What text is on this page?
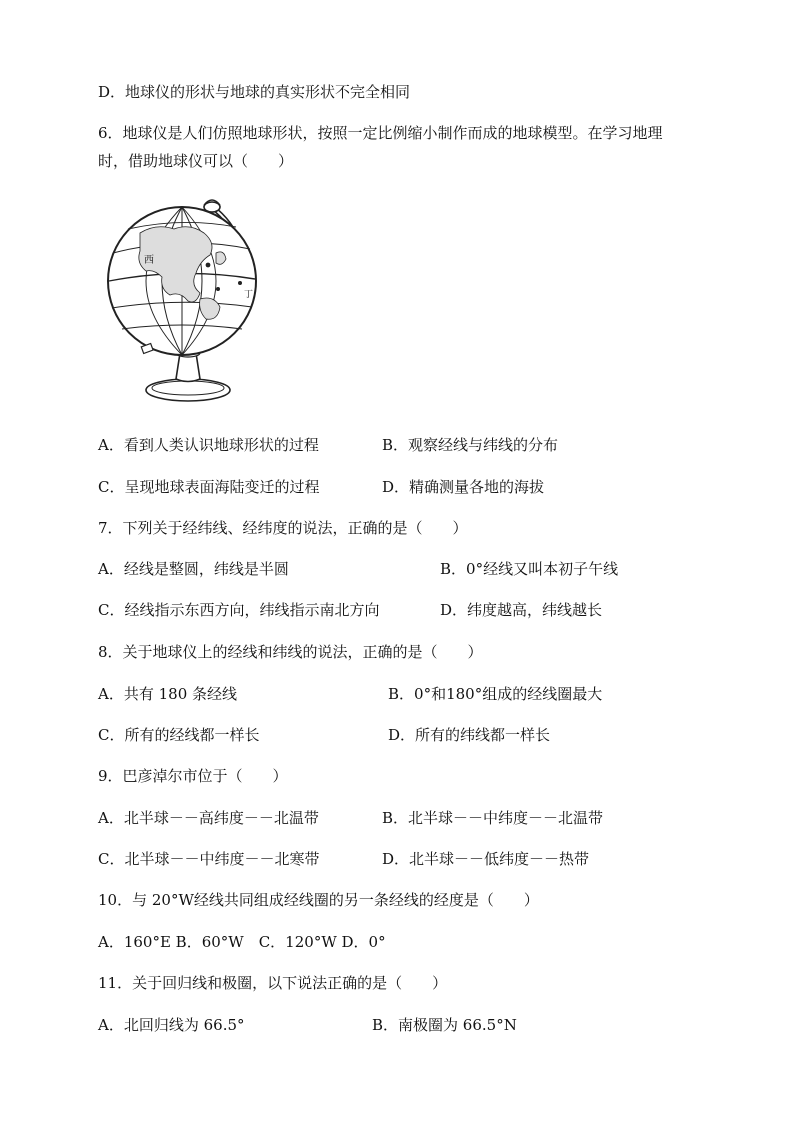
D．地球仪的形状与地球的真实形状不完全相同
6．地球仪是人们仿照地球形状，按照一定比例缩小制作而成的地球模型。在学习地理
时，借助地球仪可以（　　）
西
丁
A．看到人类认识地球形状的过程	B．观察经线与纬线的分布
C．呈现地球表面海陆变迁的过程	D．精确测量各地的海拔
7．下列关于经纬线、经纬度的说法，正确的是（　　）
A．经线是整圆，纬线是半圆	B．0°经线又叫本初子午线
C．经线指示东西方向，纬线指示南北方向	D．纬度越高，纬线越长
8．关于地球仪上的经线和纬线的说法，正确的是（　　）
A．共有 180 条经线	B．0°和180°组成的经线圈最大
C．所有的经线都一样长	D．所有的纬线都一样长
9．巴彦淖尔市位于（　　）
A．北半球－－高纬度－－北温带	B．北半球－－中纬度－－北温带
C．北半球－－中纬度－－北寒带	D．北半球－－低纬度－－热带
10．与 20°W经线共同组成经线圈的另一条经线的经度是（　　）
A．160°E B．60°W　C．120°W D．0°
11．关于回归线和极圈，以下说法正确的是（　　）
A．北回归线为 66.5°	B．南极圈为 66.5°N
